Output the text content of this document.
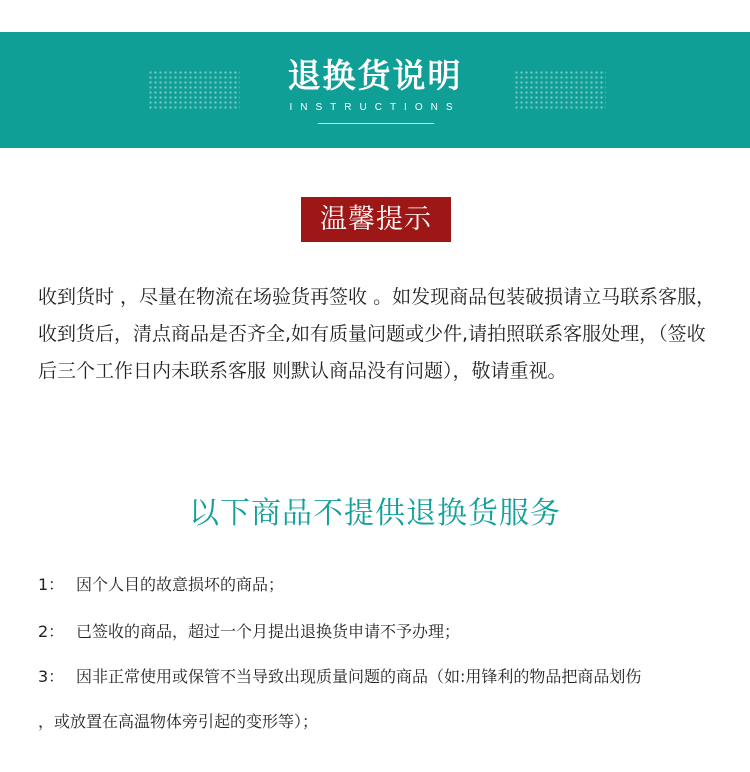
退换货说明
INSTRUCTIONS
温馨提示

收到货时 ，尽量在物流在场验货再签收 。如发现商品包装破损请立马联系客服，收到货后，清点商品是否齐全,如有质量问题或少件,请拍照联系客服处理，（签收后三个工作日内未联系客服 则默认商品没有问题），敬请重视。

以下商品不提供退换货服务
1： 因个人目的故意损坏的商品；
2： 已签收的商品，超过一个月提出退换货申请不予办理；
3： 因非正常使用或保管不当导致出现质量问题的商品（如:用锋利的物品把商品划伤
，或放置在高温物体旁引起的变形等）；
